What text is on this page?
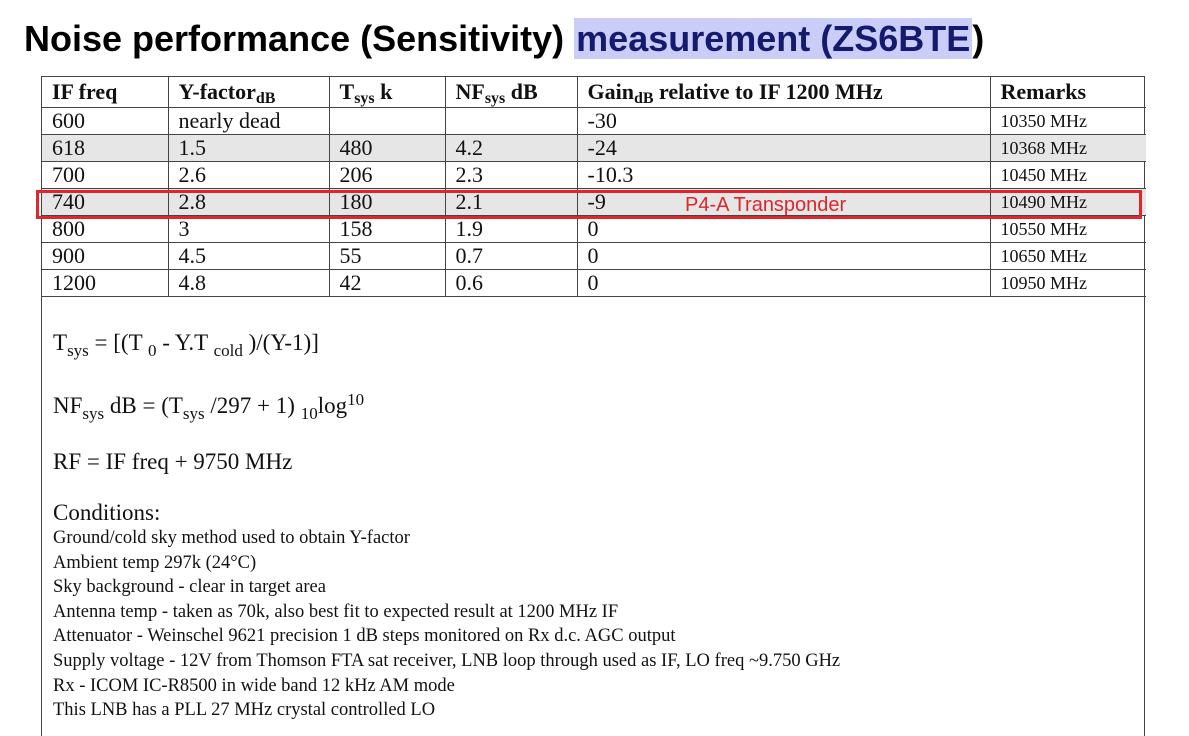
Noise performance (Sensitivity) measurement (ZS6BTE)
IF freq	Y-factor$_{dB}$	$T_{sys}$ k	$NF_{sys}$ dB	Gain$_{dB}$ relative to IF 1200 MHz	Remarks
600	nearly dead			-30	10350 MHz
618	1.5	480	4.2	-24	10368 MHz
700	2.6	206	2.3	-10.3	10450 MHz
740	2.8	180	2.1	-9	10490 MHz
800	3	158	1.9	0	10550 MHz
900	4.5	55	0.7	0	10650 MHz
1200	4.8	42	0.6	0	10950 MHz
P4-A Transponder
$T_{sys} = [(T$ $_0$ - Y.T $_{cold}$ )/(Y-1)]
$NF_{sys}$ dB = ($T_{sys}$ /297 + 1) $_{10}\log^{10}$
RF = IF freq + 9750 MHz
Conditions:
Ground/cold sky method used to obtain Y-factor
Ambient temp 297k (24°C)
Sky background - clear in target area
Antenna temp - taken as 70k, also best fit to expected result at 1200 MHz IF
Attenuator - Weinschel 9621 precision 1 dB steps monitored on Rx d.c. AGC output
Supply voltage - 12V from Thomson FTA sat receiver, LNB loop through used as IF, LO freq ~9.750 GHz
Rx - ICOM IC-R8500 in wide band 12 kHz AM mode
This LNB has a PLL 27 MHz crystal controlled LO
